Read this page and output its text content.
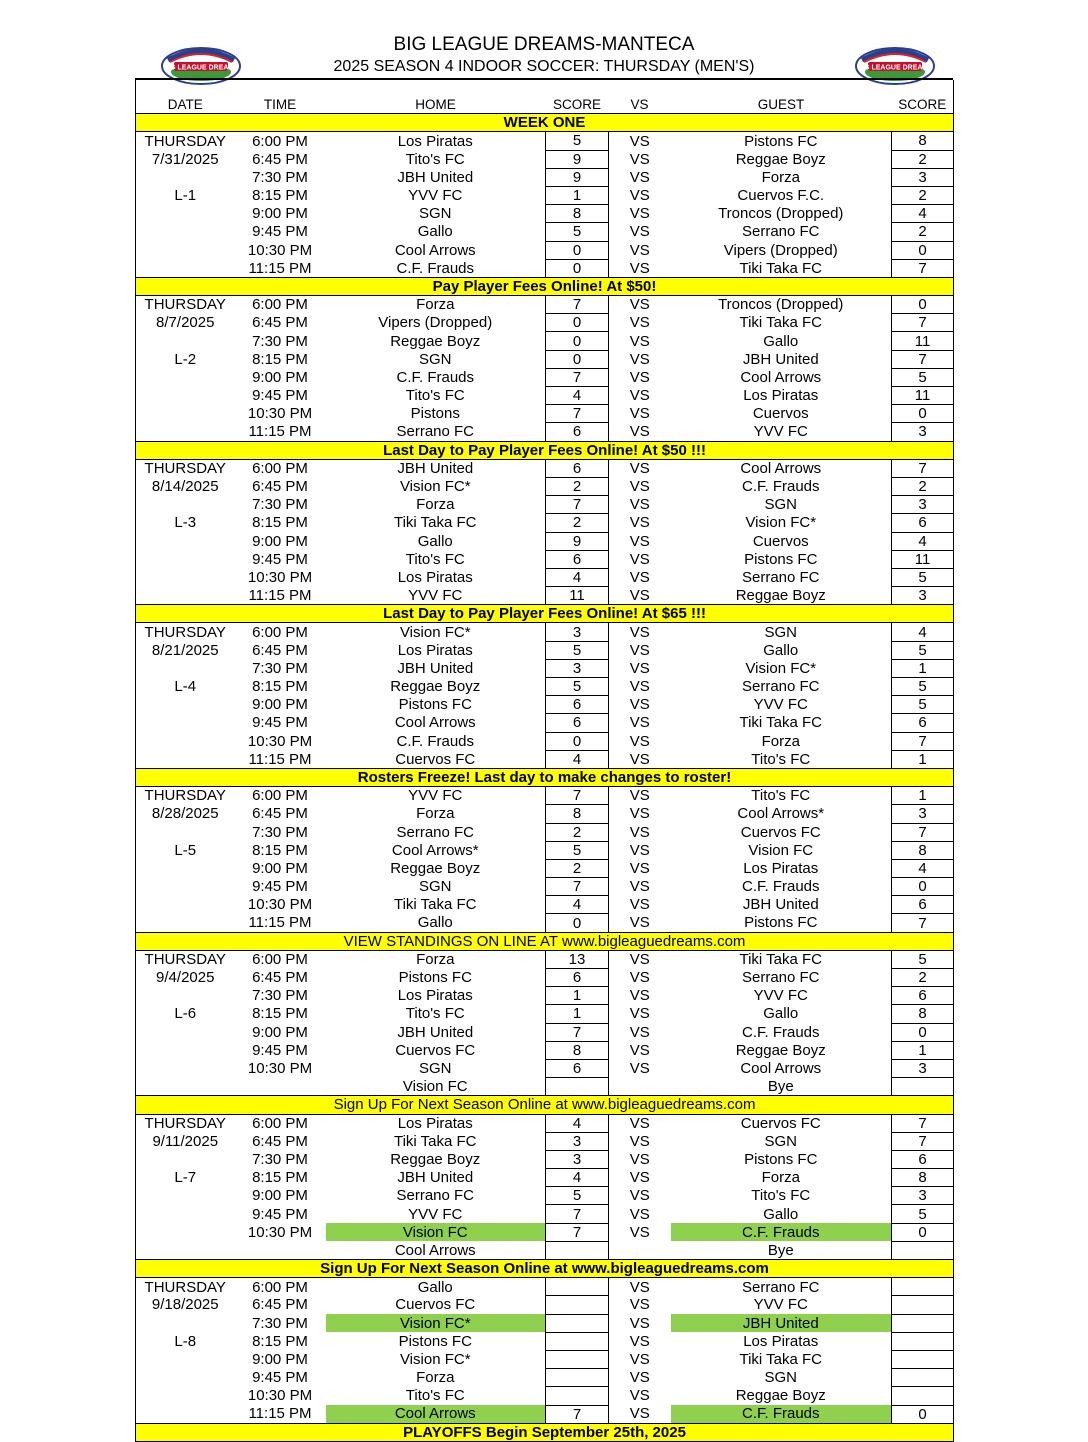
BIG LEAGUE DREAMS	BIG LEAGUE DREAMS
BIG LEAGUE DREAMS-MANTECA
2025 SEASON 4 INDOOR SOCCER: THURSDAY (MEN'S)

DATE	TIME	HOME	SCORE	VS	GUEST	SCORE
WEEK ONE						
THURSDAY	6:00 PM	Los Piratas	5	VS	Pistons FC	8
7/31/2025	6:45 PM	Tito's FC	9	VS	Reggae Boyz	2
	7:30 PM	JBH United	9	VS	Forza	3
L-1	8:15 PM	YVV FC	1	VS	Cuervos F.C.	2
	9:00 PM	SGN	8	VS	Troncos (Dropped)	4
	9:45 PM	Gallo	5	VS	Serrano FC	2
	10:30 PM	Cool Arrows	0	VS	Vipers (Dropped)	0
	11:15 PM	C.F. Frauds	0	VS	Tiki Taka FC	7
Pay Player Fees Online! At $50!						
THURSDAY	6:00 PM	Forza	7	VS	Troncos (Dropped)	0
8/7/2025	6:45 PM	Vipers (Dropped)	0	VS	Tiki Taka FC	7
	7:30 PM	Reggae Boyz	0	VS	Gallo	11
L-2	8:15 PM	SGN	0	VS	JBH United	7
	9:00 PM	C.F. Frauds	7	VS	Cool Arrows	5
	9:45 PM	Tito's FC	4	VS	Los Piratas	11
	10:30 PM	Pistons	7	VS	Cuervos	0
	11:15 PM	Serrano FC	6	VS	YVV FC	3
Last Day to Pay Player Fees Online! At $50 !!!						
THURSDAY	6:00 PM	JBH United	6	VS	Cool Arrows	7
8/14/2025	6:45 PM	Vision FC*	2	VS	C.F. Frauds	2
	7:30 PM	Forza	7	VS	SGN	3
L-3	8:15 PM	Tiki Taka FC	2	VS	Vision FC*	6
	9:00 PM	Gallo	9	VS	Cuervos	4
	9:45 PM	Tito's FC	6	VS	Pistons FC	11
	10:30 PM	Los Piratas	4	VS	Serrano FC	5
	11:15 PM	YVV FC	11	VS	Reggae Boyz	3
Last Day to Pay Player Fees Online! At $65 !!!						
THURSDAY	6:00 PM	Vision FC*	3	VS	SGN	4
8/21/2025	6:45 PM	Los Piratas	5	VS	Gallo	5
	7:30 PM	JBH United	3	VS	Vision FC*	1
L-4	8:15 PM	Reggae Boyz	5	VS	Serrano FC	5
	9:00 PM	Pistons FC	6	VS	YVV FC	5
	9:45 PM	Cool Arrows	6	VS	Tiki Taka FC	6
	10:30 PM	C.F. Frauds	0	VS	Forza	7
	11:15 PM	Cuervos FC	4	VS	Tito's FC	1
Rosters Freeze! Last day to make changes to roster!						
THURSDAY	6:00 PM	YVV FC	7	VS	Tito's FC	1
8/28/2025	6:45 PM	Forza	8	VS	Cool Arrows*	3
	7:30 PM	Serrano FC	2	VS	Cuervos FC	7
L-5	8:15 PM	Cool Arrows*	5	VS	Vision FC	8
	9:00 PM	Reggae Boyz	2	VS	Los Piratas	4
	9:45 PM	SGN	7	VS	C.F. Frauds	0
	10:30 PM	Tiki Taka FC	4	VS	JBH United	6
	11:15 PM	Gallo	0	VS	Pistons FC	7
VIEW STANDINGS ON LINE AT www.bigleaguedreams.com						
THURSDAY	6:00 PM	Forza	13	VS	Tiki Taka FC	5
9/4/2025	6:45 PM	Pistons FC	6	VS	Serrano FC	2
	7:30 PM	Los Piratas	1	VS	YVV FC	6
L-6	8:15 PM	Tito's FC	1	VS	Gallo	8
	9:00 PM	JBH United	7	VS	C.F. Frauds	0
	9:45 PM	Cuervos FC	8	VS	Reggae Boyz	1
	10:30 PM	SGN	6	VS	Cool Arrows	3
		Vision FC			Bye	
Sign Up For Next Season Online at www.bigleaguedreams.com						
THURSDAY	6:00 PM	Los Piratas	4	VS	Cuervos FC	7
9/11/2025	6:45 PM	Tiki Taka FC	3	VS	SGN	7
	7:30 PM	Reggae Boyz	3	VS	Pistons FC	6
L-7	8:15 PM	JBH United	4	VS	Forza	8
	9:00 PM	Serrano FC	5	VS	Tito's FC	3
	9:45 PM	YVV FC	7	VS	Gallo	5
	10:30 PM	Vision FC	7	VS	C.F. Frauds	0
		Cool Arrows			Bye	
Sign Up For Next Season Online at www.bigleaguedreams.com						
THURSDAY	6:00 PM	Gallo		VS	Serrano FC	
9/18/2025	6:45 PM	Cuervos FC		VS	YVV FC	
	7:30 PM	Vision FC*		VS	JBH United	
L-8	8:15 PM	Pistons FC		VS	Los Piratas	
	9:00 PM	Vision FC*		VS	Tiki Taka FC	
	9:45 PM	Forza		VS	SGN	
	10:30 PM	Tito's FC		VS	Reggae Boyz	
	11:15 PM	Cool Arrows	7	VS	C.F. Frauds	0
PLAYOFFS Begin September 25th, 2025						
